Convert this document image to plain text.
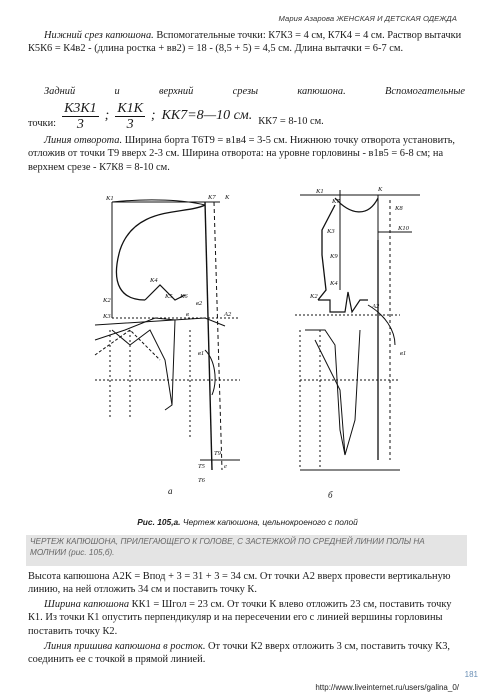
Мария Азарова ЖЕНСКАЯ И ДЕТСКАЯ ОДЕЖДА

Нижний срез капюшона. Вспомогательные точки: К7К3 = 4 см, К7К4 = 4 см. Раствор вытачки К5К6 = К4в2 - (длина ростка + вв2) = 18 - (8,5 + 5) = 4,5 см. Длина вытачки = 6-7 см.

Задний	и	верхний	срезы	капюшона.	Вспомогательные
точки: $\frac{К3К1}{3}$ ; $\frac{К1К}{3}$ ; КК7=8—10 см. КК7 = 8-10 см.

Линия отворота. Ширина борта Т6Т9 = в1в4 = 3-5 см. Нижнюю точку отворота установить, отложив от точки Т9 вверх 2-3 см. Ширина отворота: на уровне горловины - в1в5 = 6-8 см; на верхнем срезе - К7К8 = 8-10 см.

К1	К7 К
К2
К3
К4
К5 К6
в
в2
А2
в1
Т5
Т6
Т9
е
а
К1
К7
К
К8
К10
К3
К9
К4
К2
А2
в1
б
Рис. 105,а. Чертеж капюшона, цельнокроеного с полой

ЧЕРТЕЖ КАПЮШОНА, ПРИЛЕГАЮЩЕГО К ГОЛОВЕ, С ЗАСТЕЖКОЙ ПО СРЕДНЕЙ ЛИНИИ ПОЛЫ НА МОЛНИИ (рис. 105,б).

Высота капюшона А2К = Впод + 3 = 31 + 3 = 34 см. От точки А2 вверх провести вертикальную линию, на ней отложить 34 см и поставить точку К.

Ширина капюшона КК1 = Шгол = 23 см. От точки К влево отложить 23 см, поставить точку К1. Из точки К1 опустить перпендикуляр и на пересечении его с линией вершины горловины поставить точку К2.

Линия пришива капюшона в росток. От точки К2 вверх отложить 3 см, поставить точку К3, соединить ее с точкой в прямой линией.

181
http://www.liveinternet.ru/users/galina_0/
